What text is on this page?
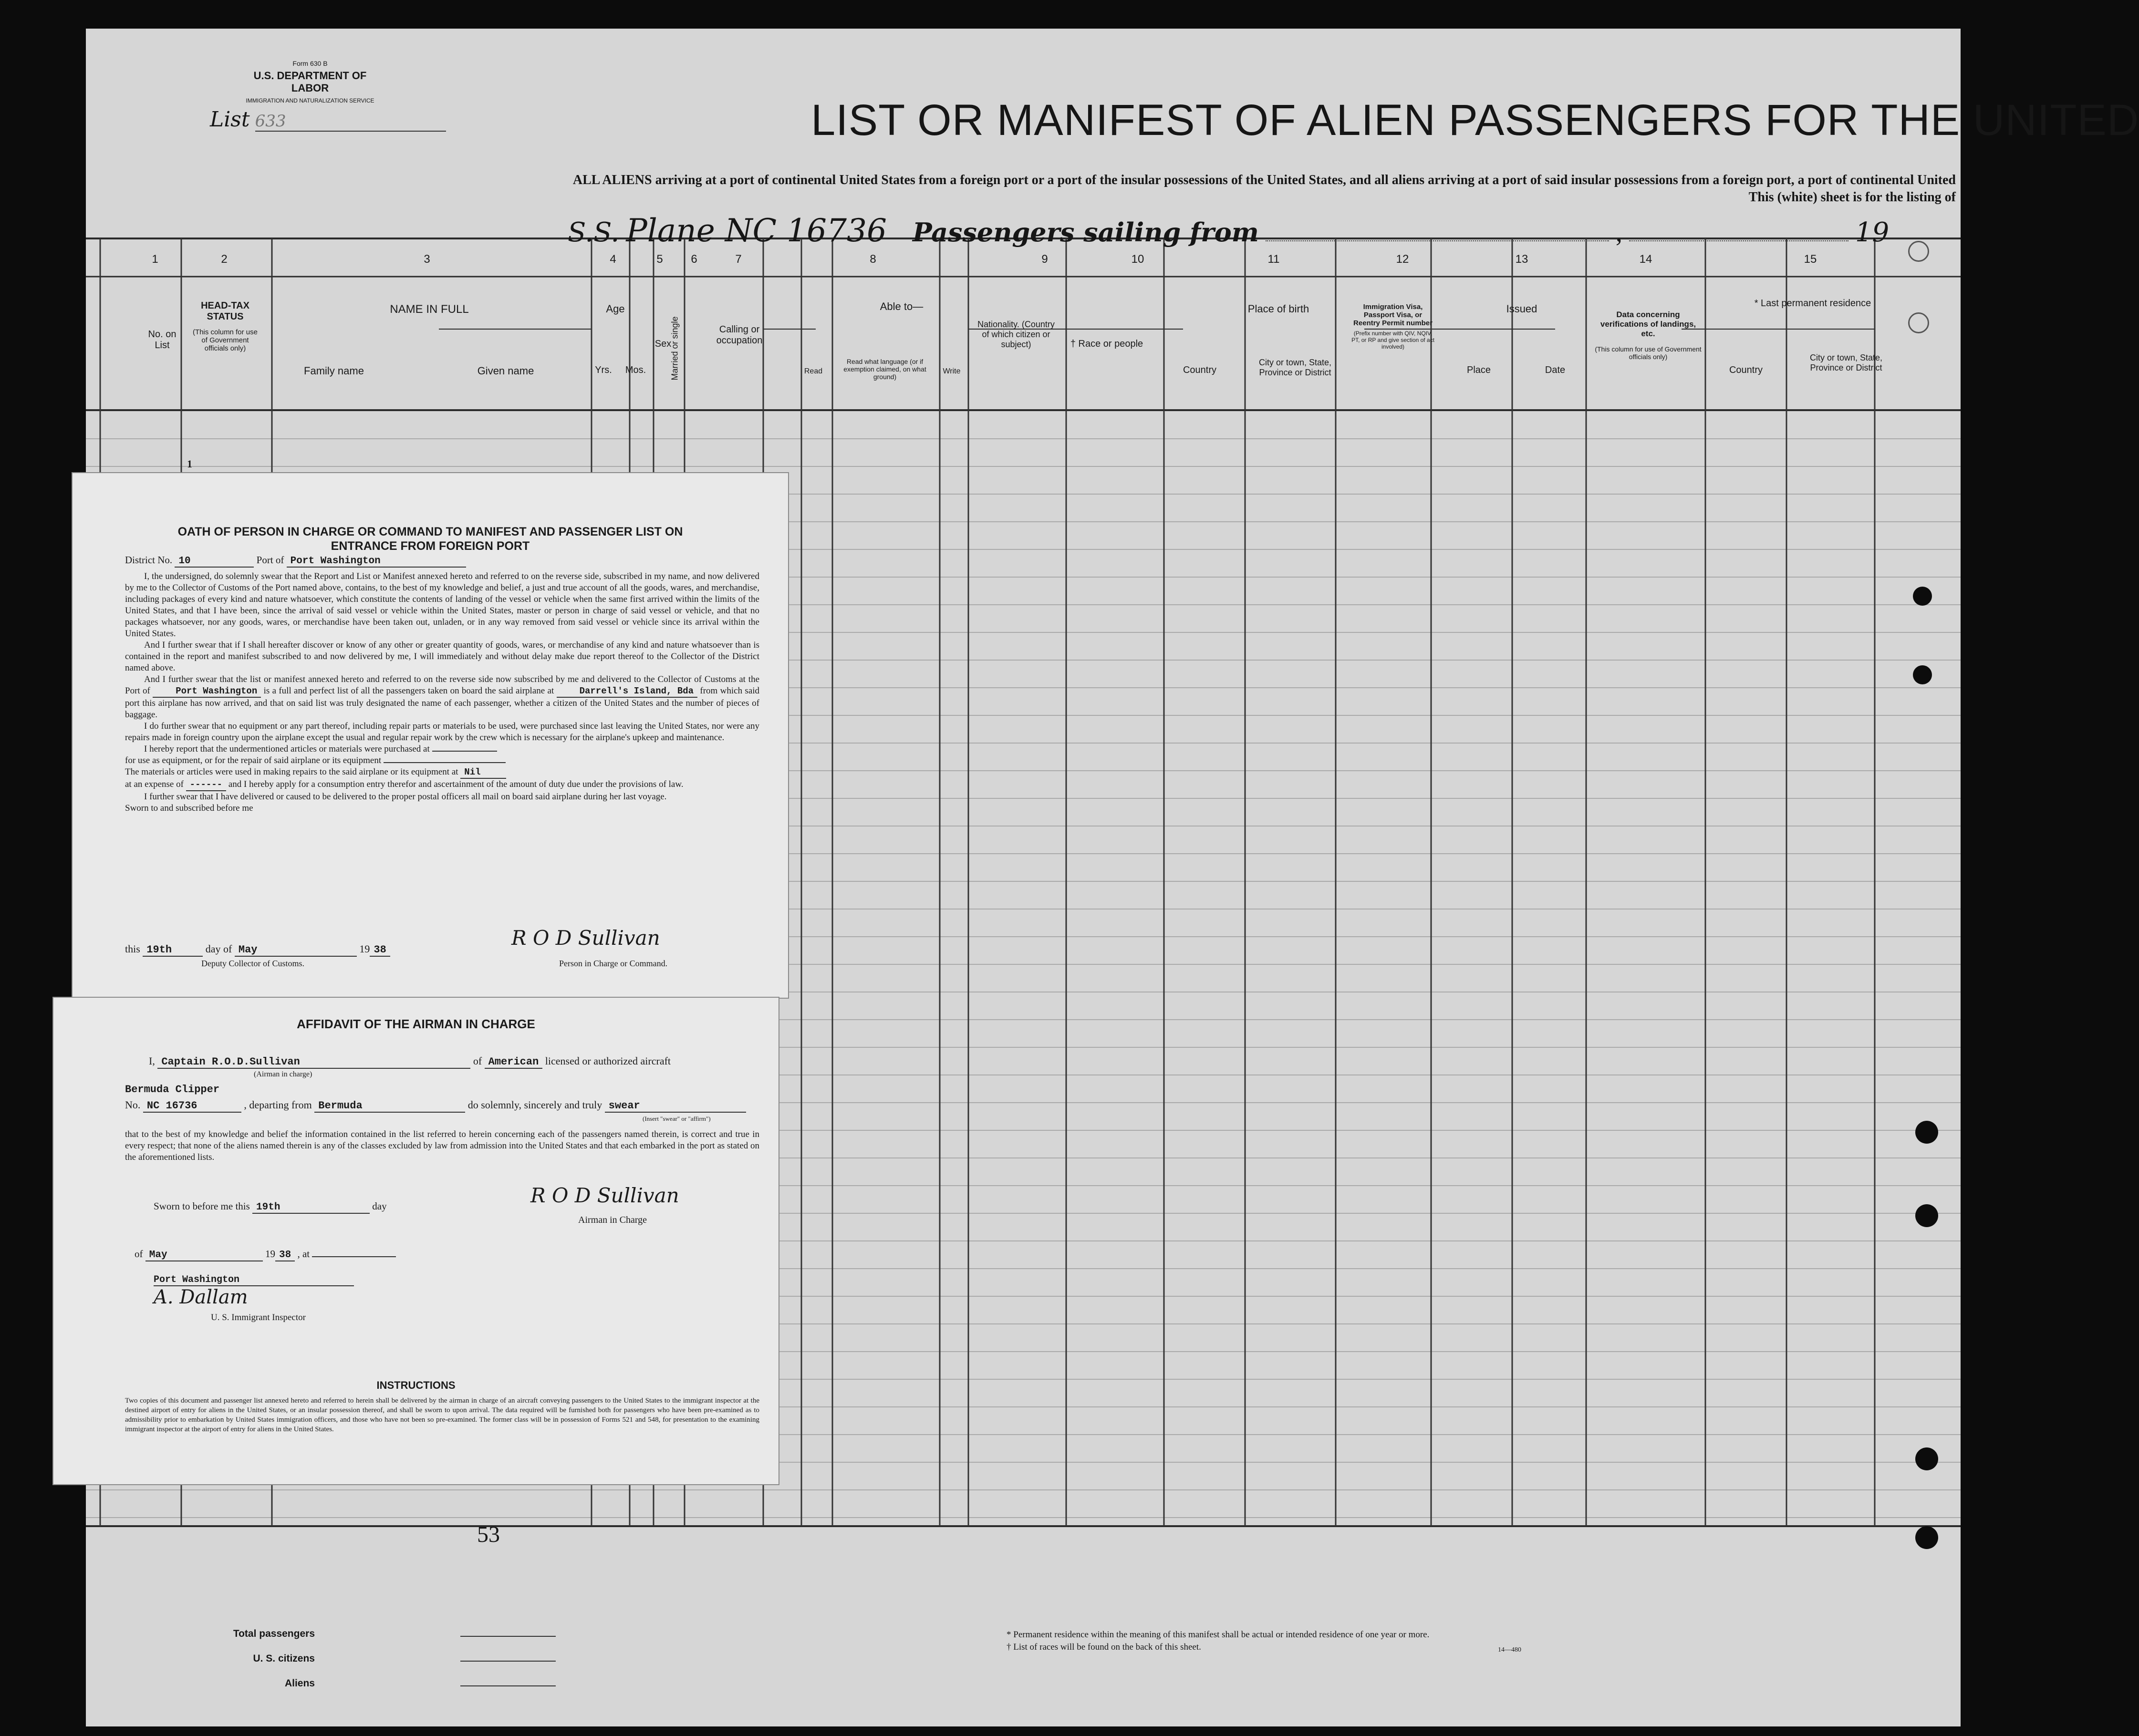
Form 630 B
U.S. DEPARTMENT OF LABOR
IMMIGRATION AND NATURALIZATION SERVICE
List 633	LIST OR MANIFEST OF ALIEN PASSENGERS FOR THE UNITED
ALL ALIENS arriving at a port of continental United States from a foreign port or a port of the insular possessions of the United States, and all aliens arriving at a port of said insular possessions from a foreign port, a port of continental United
This (white) sheet is for the listing of
S.S. Plane NC 16736 Passengers sailing from	,	19
1	2	3	4	5	6	7	8	9	10	11	12	13	14	15
No. on List
HEAD-TAX STATUS
(This column for use of Government officials only)
NAME IN FULL
Family name	Given name
Age
Yrs.	Mos.
Sex
Married or single	Calling or occupation
Able to—
Read
Read what language (or if exemption claimed, on what ground)
Write
Nationality. (Country of which citizen or subject)	† Race or people
Place of birth
Country
City or town, State, Province or District
Immigration Visa, Passport Visa, or Reentry Permit number
(Prefix number with QIV, NQIV, PT, or RP and give section of act involved)
Issued
Place	Date
Data concerning verifications of landings, etc.
(This column for use of Government officials only)
* Last permanent residence
Country
City or town, State, Province or District
1
53
Total passengers
U. S. citizens
Aliens
* Permanent residence within the meaning of this manifest shall be actual or intended residence of one year or more.
† List of races will be found on the back of this sheet.	14—480
OATH OF PERSON IN CHARGE OR COMMAND TO MANIFEST AND PASSENGER LIST ON
ENTRANCE FROM FOREIGN PORT
District No. 10	Port of Port Washington

I, the undersigned, do solemnly swear that the Report and List or Manifest annexed hereto and referred to on the reverse side, subscribed in my name, and now delivered by me to the Collector of Customs of the Port named above, contains, to the best of my knowledge and belief, a just and true account of all the goods, wares, and merchandise, including packages of every kind and nature whatsoever, which constitute the contents of landing of the vessel or vehicle when the same first arrived within the limits of the United States, and that I have been, since the arrival of said vessel or vehicle within the United States, master or person in charge of said vessel or vehicle, and that no packages whatsoever, nor any goods, wares, or merchandise have been taken out, unladen, or in any way removed from said vessel or vehicle since its arrival within the United States.

And I further swear that if I shall hereafter discover or know of any other or greater quantity of goods, wares, or merchandise of any kind and nature whatsoever than is contained in the report and manifest subscribed to and now delivered by me, I will immediately and without delay make due report thereof to the Collector of the District named above.

And I further swear that the list or manifest annexed hereto and referred to on the reverse side now subscribed by me and delivered to the Collector of Customs at the Port of	Port Washington is a full and perfect list of all the passengers taken on board the said airplane at	Darrell's Island, Bda from which said port this airplane has now arrived, and that on said list was truly designated the name of each passenger, whether a citizen of the United States and the number of pieces of baggage.

I do further swear that no equipment or any part thereof, including repair parts or materials to be used, were purchased since last leaving the United States, nor were any repairs made in foreign country upon the airplane except the usual and regular repair work by the crew which is necessary for the airplane's upkeep and maintenance.

I hereby report that the undermentioned articles or materials were purchased at

for use as equipment, or for the repair of said airplane or its equipment

The materials or articles were used in making repairs to the said airplane or its equipment at Nil

at an expense of ------ and I hereby apply for a consumption entry therefor and ascertainment of the amount of duty due under the provisions of law.

I further swear that I have delivered or caused to be delivered to the proper postal officers all mail on board said airplane during her last voyage.

Sworn to and subscribed before me

this 19th	day of May	19 38
R O D Sullivan
Deputy Collector of Customs.	Person in Charge or Command.
AFFIDAVIT OF THE AIRMAN IN CHARGE
I, Captain R.O.D.Sullivan	of American licensed or authorized aircraft
(Airman in charge)
Bermuda Clipper
No. NC 16736	, departing from Bermuda	do solemnly, sincerely and truly swear
(Insert "swear" or "affirm")
that to the best of my knowledge and belief the information contained in the list referred to herein concerning each of the passengers named therein, is correct and true in every respect; that none of the aliens named therein is any of the classes excluded by law from admission into the United States and that each embarked in the port as stated on the aforementioned lists.
Sworn to before me this 19th	day	R O D Sullivan
Airman in Charge
of May	19 38 , at
Port Washington
A. Dallam
U. S. Immigrant Inspector
INSTRUCTIONS
Two copies of this document and passenger list annexed hereto and referred to herein shall be delivered by the airman in charge of an aircraft conveying passengers to the United States to the immigrant inspector at the destined airport of entry for aliens in the United States, or an insular possession thereof, and shall be sworn to upon arrival. The data required will be furnished both for passengers who have been pre-examined as to admissibility prior to embarkation by United States immigration officers, and those who have not been so pre-examined. The former class will be in possession of Forms 521 and 548, for presentation to the examining immigrant inspector at the airport of entry for aliens in the United States.
